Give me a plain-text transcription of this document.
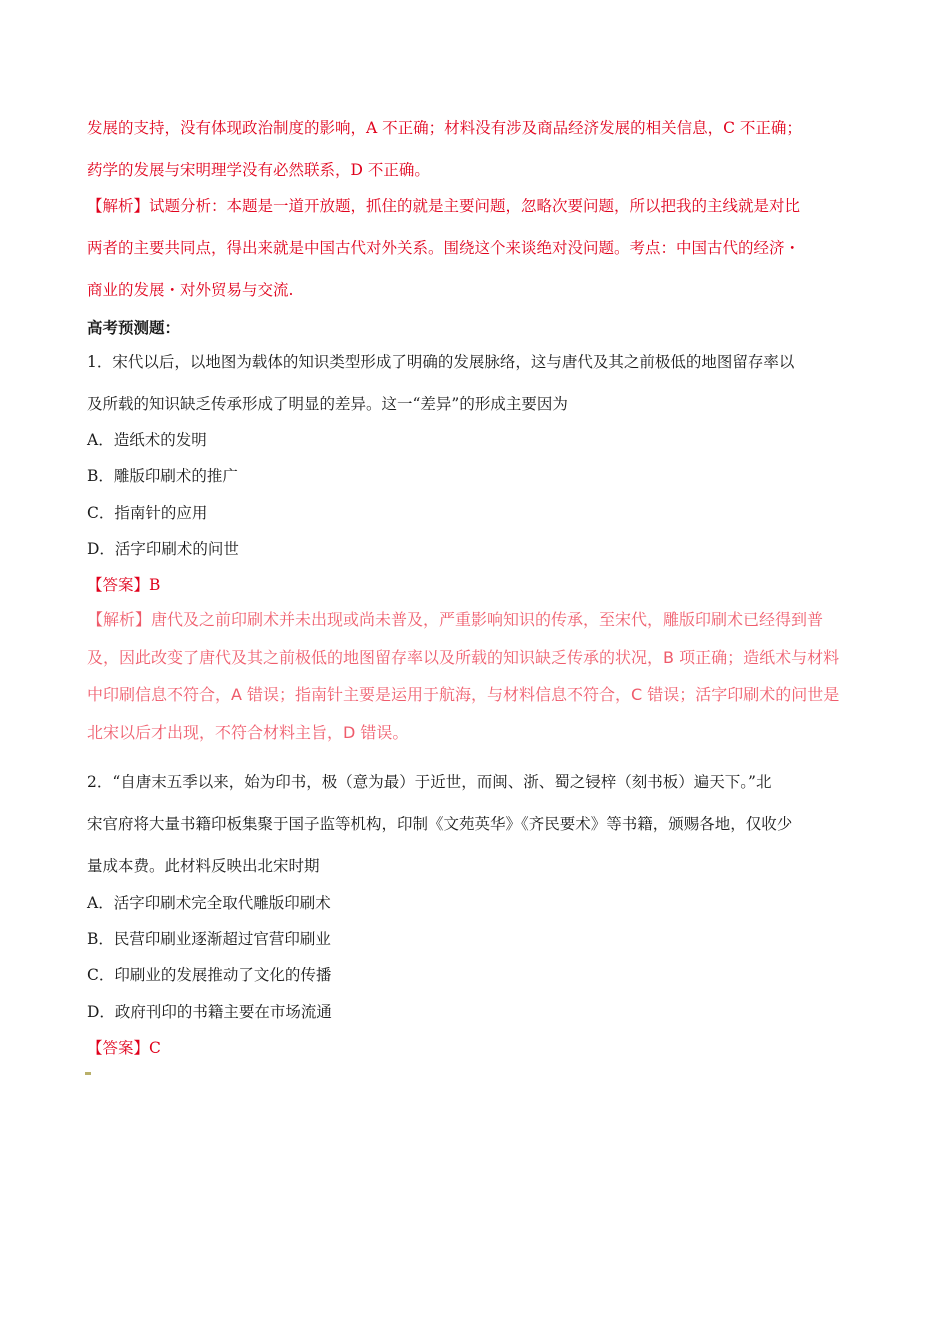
发展的支持，没有体现政治制度的影响，A 不正确；材料没有涉及商品经济发展的相关信息，C 不正确；

药学的发展与宋明理学没有必然联系，D 不正确。

【解析】试题分析：本题是一道开放题，抓住的就是主要问题，忽略次要问题，所以把我的主线就是对比

两者的主要共同点，得出来就是中国古代对外关系。围绕这个来谈绝对没问题。考点：中国古代的经济・

商业的发展・对外贸易与交流.

高考预测题：

1．宋代以后，以地图为载体的知识类型形成了明确的发展脉络，这与唐代及其之前极低的地图留存率以

及所载的知识缺乏传承形成了明显的差异。这一“差异”的形成主要因为

A．造纸术的发明

B．雕版印刷术的推广

C．指南针的应用

D．活字印刷术的问世

【答案】B

【解析】唐代及之前印刷术并未出现或尚未普及，严重影响知识的传承，至宋代，雕版印刷术已经得到普

及，因此改变了唐代及其之前极低的地图留存率以及所载的知识缺乏传承的状况，B 项正确；造纸术与材料

中印刷信息不符合，A 错误；指南针主要是运用于航海，与材料信息不符合，C 错误；活字印刷术的问世是

北宋以后才出现，不符合材料主旨，D 错误。

2．“自唐末五季以来，始为印书，极（意为最）于近世，而闽、浙、蜀之锓梓（刻书板）遍天下。”北

宋官府将大量书籍印板集聚于国子监等机构，印制《文苑英华》《齐民要术》等书籍，颁赐各地，仅收少

量成本费。此材料反映出北宋时期

A．活字印刷术完全取代雕版印刷术

B．民营印刷业逐渐超过官营印刷业

C．印刷业的发展推动了文化的传播

D．政府刊印的书籍主要在市场流通

【答案】C
